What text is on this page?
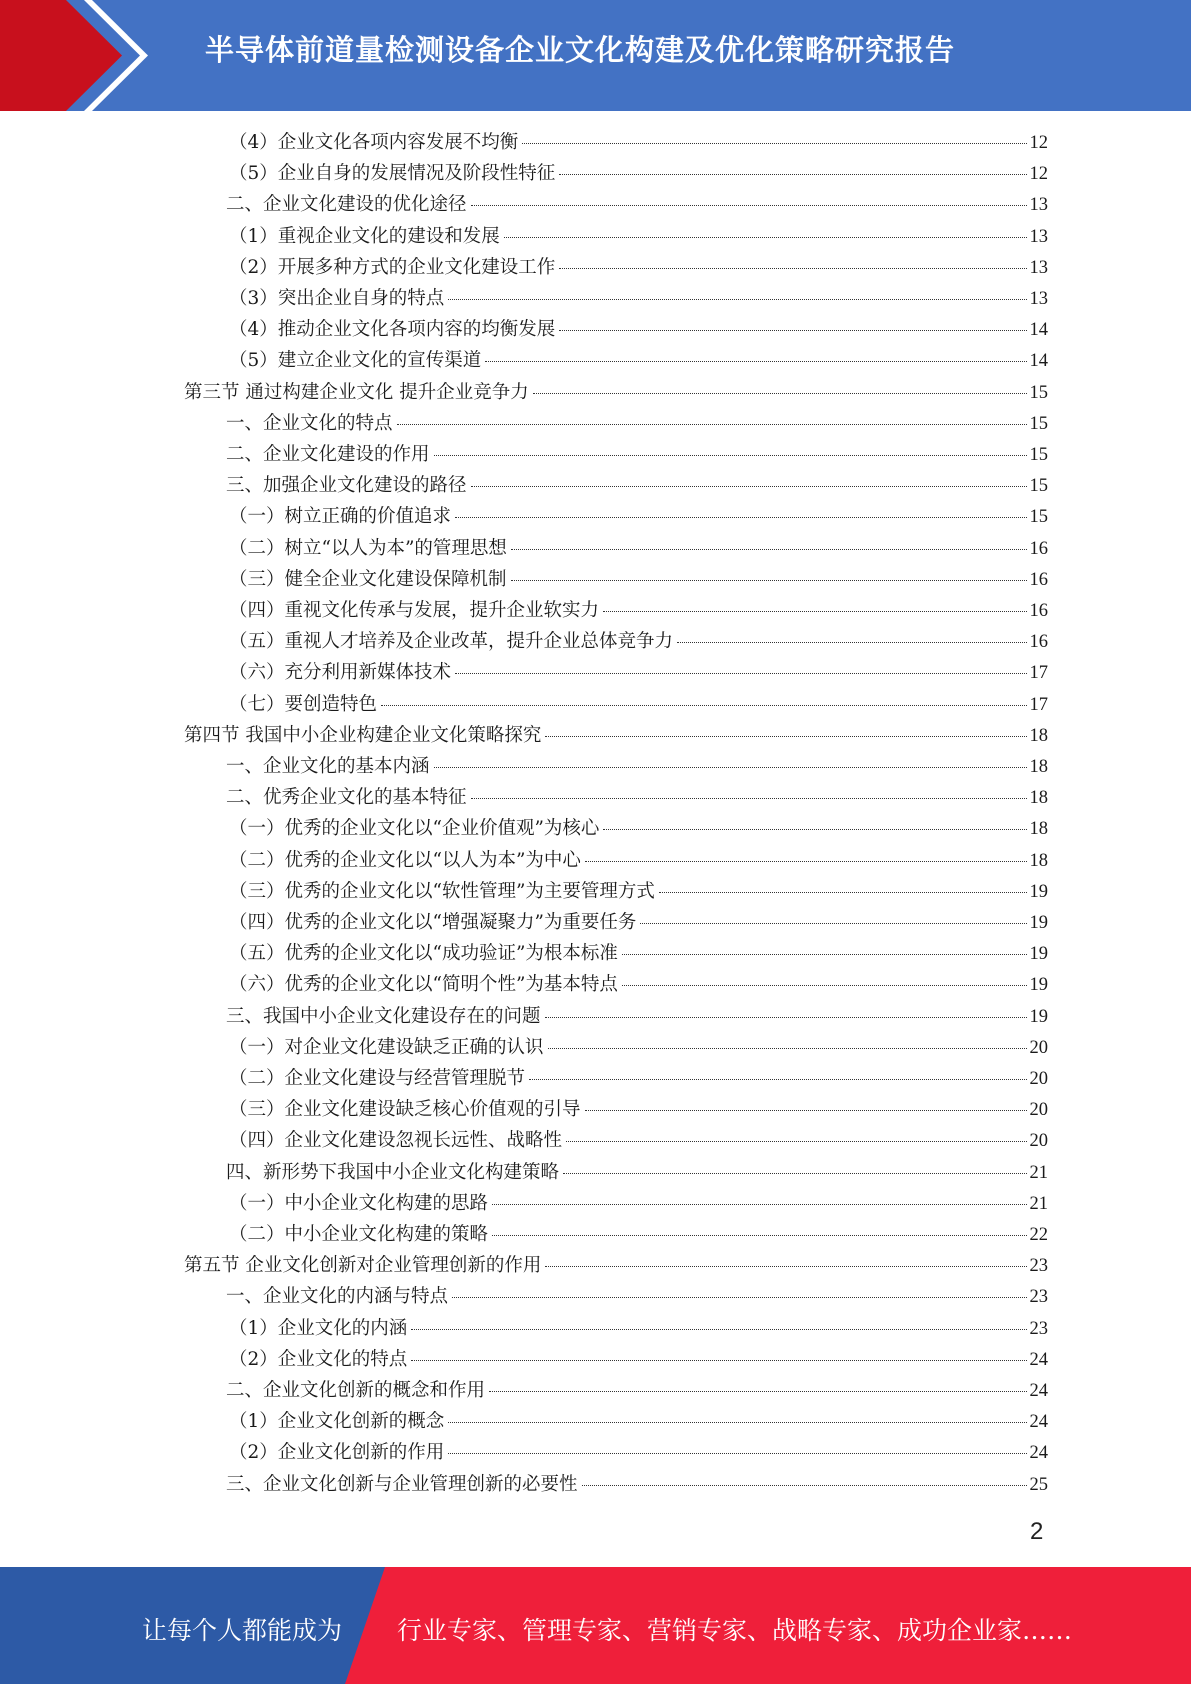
半导体前道量检测设备企业文化构建及优化策略研究报告
（4）企业文化各项内容发展不均衡	12
（5）企业自身的发展情况及阶段性特征	12
二、企业文化建设的优化途径	13
（1）重视企业文化的建设和发展	13
（2）开展多种方式的企业文化建设工作	13
（3）突出企业自身的特点	13
（4）推动企业文化各项内容的均衡发展	14
（5）建立企业文化的宣传渠道	14
第三节 通过构建企业文化 提升企业竞争力	15
一、企业文化的特点	15
二、企业文化建设的作用	15
三、加强企业文化建设的路径	15
（一）树立正确的价值追求	15
（二）树立“以人为本”的管理思想	16
（三）健全企业文化建设保障机制	16
（四）重视文化传承与发展，提升企业软实力	16
（五）重视人才培养及企业改革，提升企业总体竞争力	16
（六）充分利用新媒体技术	17
（七）要创造特色	17
第四节 我国中小企业构建企业文化策略探究	18
一、企业文化的基本内涵	18
二、优秀企业文化的基本特征	18
（一）优秀的企业文化以“企业价值观”为核心	18
（二）优秀的企业文化以“以人为本”为中心	18
（三）优秀的企业文化以“软性管理”为主要管理方式	19
（四）优秀的企业文化以“增强凝聚力”为重要任务	19
（五）优秀的企业文化以“成功验证”为根本标准	19
（六）优秀的企业文化以“简明个性”为基本特点	19
三、我国中小企业文化建设存在的问题	19
（一）对企业文化建设缺乏正确的认识	20
（二）企业文化建设与经营管理脱节	20
（三）企业文化建设缺乏核心价值观的引导	20
（四）企业文化建设忽视长远性、战略性	20
四、新形势下我国中小企业文化构建策略	21
（一）中小企业文化构建的思路	21
（二）中小企业文化构建的策略	22
第五节 企业文化创新对企业管理创新的作用	23
一、企业文化的内涵与特点	23
（1）企业文化的内涵	23
（2）企业文化的特点	24
二、企业文化创新的概念和作用	24
（1）企业文化创新的概念	24
（2）企业文化创新的作用	24
三、企业文化创新与企业管理创新的必要性	25
2
让每个人都能成为 行业专家、管理专家、营销专家、战略专家、成功企业家……
